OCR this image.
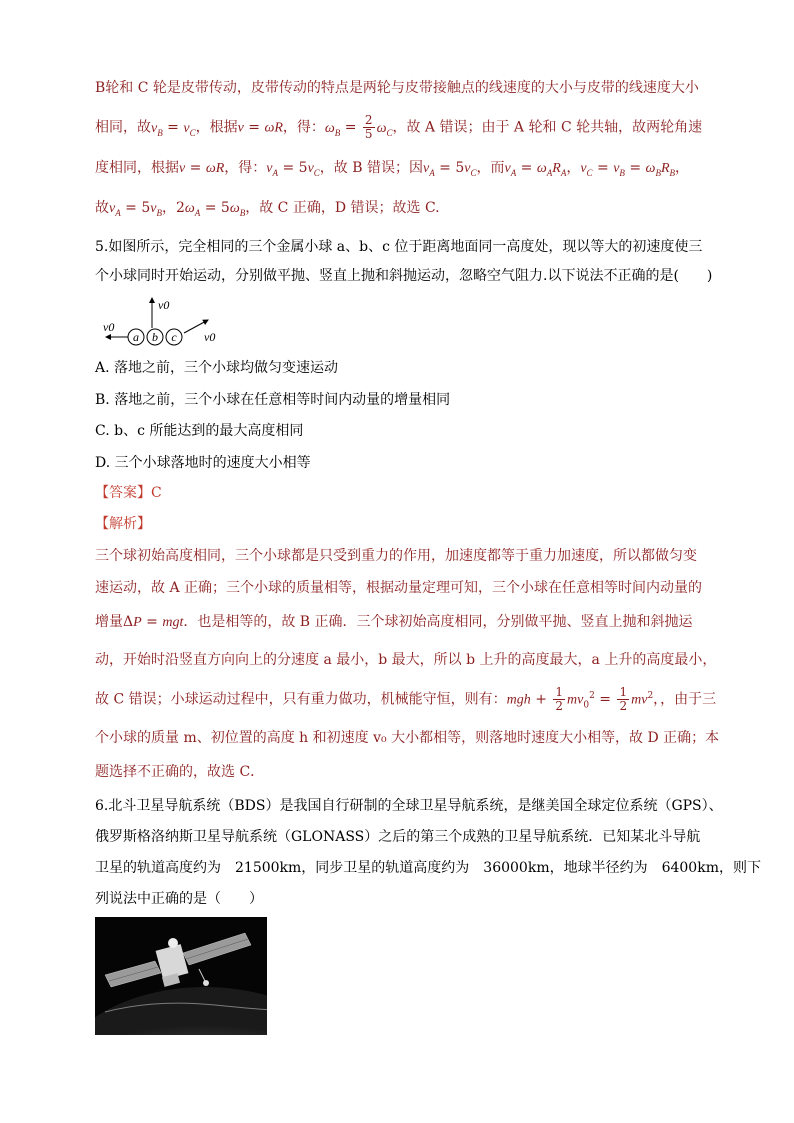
B轮和 C 轮是皮带传动，皮带传动的特点是两轮与皮带接触点的线速度的大小与皮带的线速度大小
相同，故$v_B = v_C$，根据v = ωR，得：$\omega_B = \frac{2}{5} \omega_C$，故 A 错误；由于 A 轮和 C 轮共轴，故两轮角速
度相同，根据v = ωR，得：$v_A = 5v_C$，故 B 错误；因$v_A = 5v_C$，而$v_A = \omega_AR_A$，$v_C = v_B = \omega_BR_B$，
故$v_A = 5v_B$，$2\omega_A = 5\omega_B$，故 C 正确，D 错误；故选 C.
5.如图所示，完全相同的三个金属小球 a、b、c 位于距离地面同一高度处，现以等大的初速度使三
个小球同时开始运动，分别做平抛、竖直上抛和斜抛运动，忽略空气阻力.以下说法不正确的是(　　)
a b c
v0
v0
v0
A. 落地之前，三个小球均做匀变速运动
B. 落地之前，三个小球在任意相等时间内动量的增量相同
C. b、c 所能达到的最大高度相同
D. 三个小球落地时的速度大小相等
【答案】C
【解析】
三个球初始高度相同，三个小球都是只受到重力的作用，加速度都等于重力加速度，所以都做匀变
速运动，故 A 正确；三个小球的质量相等，根据动量定理可知，三个小球在任意相等时间内动量的
增量ΔP = mgt．也是相等的，故 B 正确．三个球初始高度相同，分别做平抛、竖直上抛和斜抛运
动，开始时沿竖直方向向上的分速度 a 最小，b 最大，所以 b 上升的高度最大，a 上升的高度最小，
故 C 错误；小球运动过程中，只有重力做功，机械能守恒，则有：mgh + $\frac{1}{2} mv_0^2 = \frac{1}{2} mv^2$，，由于三
个小球的质量 m、初位置的高度 h 和初速度 v₀ 大小都相等，则落地时速度大小相等，故 D 正确；本
题选择不正确的，故选 C．
6.北斗卫星导航系统（BDS）是我国自行研制的全球卫星导航系统，是继美国全球定位系统（GPS）、
俄罗斯格洛纳斯卫星导航系统（GLONASS）之后的第三个成熟的卫星导航系统．已知某北斗导航
卫星的轨道高度约为　21500km，同步卫星的轨道高度约为　36000km，地球半径约为　6400km，则下
列说法中正确的是（　　）
